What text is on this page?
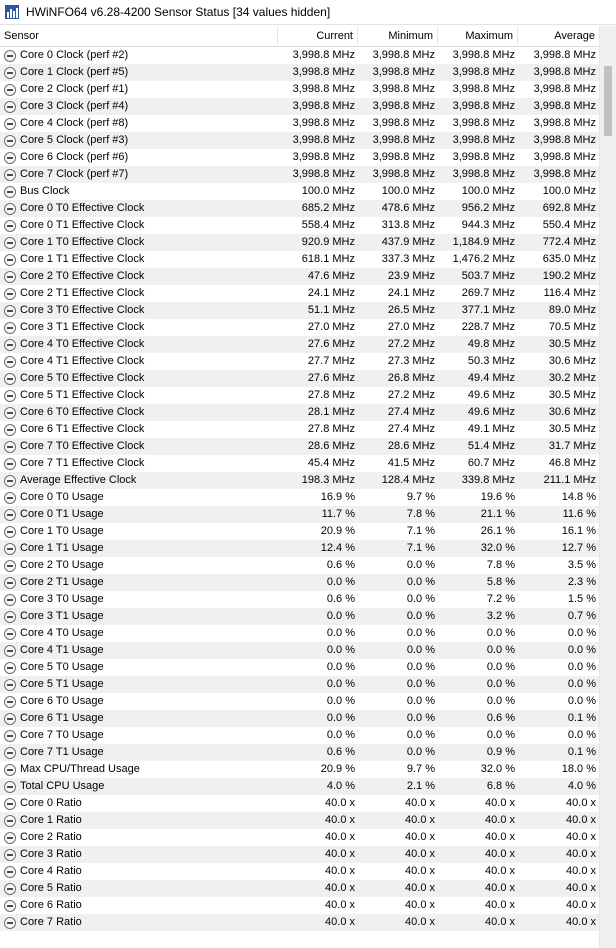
HWiNFO64 v6.28-4200 Sensor Status [34 values hidden]
Sensor	Current	Minimum	Maximum	Average
Core 0 Clock (perf #2)	3,998.8 MHz	3,998.8 MHz	3,998.8 MHz	3,998.8 MHz
Core 1 Clock (perf #5)	3,998.8 MHz	3,998.8 MHz	3,998.8 MHz	3,998.8 MHz
Core 2 Clock (perf #1)	3,998.8 MHz	3,998.8 MHz	3,998.8 MHz	3,998.8 MHz
Core 3 Clock (perf #4)	3,998.8 MHz	3,998.8 MHz	3,998.8 MHz	3,998.8 MHz
Core 4 Clock (perf #8)	3,998.8 MHz	3,998.8 MHz	3,998.8 MHz	3,998.8 MHz
Core 5 Clock (perf #3)	3,998.8 MHz	3,998.8 MHz	3,998.8 MHz	3,998.8 MHz
Core 6 Clock (perf #6)	3,998.8 MHz	3,998.8 MHz	3,998.8 MHz	3,998.8 MHz
Core 7 Clock (perf #7)	3,998.8 MHz	3,998.8 MHz	3,998.8 MHz	3,998.8 MHz
Bus Clock	100.0 MHz	100.0 MHz	100.0 MHz	100.0 MHz
Core 0 T0 Effective Clock	685.2 MHz	478.6 MHz	956.2 MHz	692.8 MHz
Core 0 T1 Effective Clock	558.4 MHz	313.8 MHz	944.3 MHz	550.4 MHz
Core 1 T0 Effective Clock	920.9 MHz	437.9 MHz	1,184.9 MHz	772.4 MHz
Core 1 T1 Effective Clock	618.1 MHz	337.3 MHz	1,476.2 MHz	635.0 MHz
Core 2 T0 Effective Clock	47.6 MHz	23.9 MHz	503.7 MHz	190.2 MHz
Core 2 T1 Effective Clock	24.1 MHz	24.1 MHz	269.7 MHz	116.4 MHz
Core 3 T0 Effective Clock	51.1 MHz	26.5 MHz	377.1 MHz	89.0 MHz
Core 3 T1 Effective Clock	27.0 MHz	27.0 MHz	228.7 MHz	70.5 MHz
Core 4 T0 Effective Clock	27.6 MHz	27.2 MHz	49.8 MHz	30.5 MHz
Core 4 T1 Effective Clock	27.7 MHz	27.3 MHz	50.3 MHz	30.6 MHz
Core 5 T0 Effective Clock	27.6 MHz	26.8 MHz	49.4 MHz	30.2 MHz
Core 5 T1 Effective Clock	27.8 MHz	27.2 MHz	49.6 MHz	30.5 MHz
Core 6 T0 Effective Clock	28.1 MHz	27.4 MHz	49.6 MHz	30.6 MHz
Core 6 T1 Effective Clock	27.8 MHz	27.4 MHz	49.1 MHz	30.5 MHz
Core 7 T0 Effective Clock	28.6 MHz	28.6 MHz	51.4 MHz	31.7 MHz
Core 7 T1 Effective Clock	45.4 MHz	41.5 MHz	60.7 MHz	46.8 MHz
Average Effective Clock	198.3 MHz	128.4 MHz	339.8 MHz	211.1 MHz
Core 0 T0 Usage	16.9 %	9.7 %	19.6 %	14.8 %
Core 0 T1 Usage	11.7 %	7.8 %	21.1 %	11.6 %
Core 1 T0 Usage	20.9 %	7.1 %	26.1 %	16.1 %
Core 1 T1 Usage	12.4 %	7.1 %	32.0 %	12.7 %
Core 2 T0 Usage	0.6 %	0.0 %	7.8 %	3.5 %
Core 2 T1 Usage	0.0 %	0.0 %	5.8 %	2.3 %
Core 3 T0 Usage	0.6 %	0.0 %	7.2 %	1.5 %
Core 3 T1 Usage	0.0 %	0.0 %	3.2 %	0.7 %
Core 4 T0 Usage	0.0 %	0.0 %	0.0 %	0.0 %
Core 4 T1 Usage	0.0 %	0.0 %	0.0 %	0.0 %
Core 5 T0 Usage	0.0 %	0.0 %	0.0 %	0.0 %
Core 5 T1 Usage	0.0 %	0.0 %	0.0 %	0.0 %
Core 6 T0 Usage	0.0 %	0.0 %	0.0 %	0.0 %
Core 6 T1 Usage	0.0 %	0.0 %	0.6 %	0.1 %
Core 7 T0 Usage	0.0 %	0.0 %	0.0 %	0.0 %
Core 7 T1 Usage	0.6 %	0.0 %	0.9 %	0.1 %
Max CPU/Thread Usage	20.9 %	9.7 %	32.0 %	18.0 %
Total CPU Usage	4.0 %	2.1 %	6.8 %	4.0 %
Core 0 Ratio	40.0 x	40.0 x	40.0 x	40.0 x
Core 1 Ratio	40.0 x	40.0 x	40.0 x	40.0 x
Core 2 Ratio	40.0 x	40.0 x	40.0 x	40.0 x
Core 3 Ratio	40.0 x	40.0 x	40.0 x	40.0 x
Core 4 Ratio	40.0 x	40.0 x	40.0 x	40.0 x
Core 5 Ratio	40.0 x	40.0 x	40.0 x	40.0 x
Core 6 Ratio	40.0 x	40.0 x	40.0 x	40.0 x
Core 7 Ratio	40.0 x	40.0 x	40.0 x	40.0 x
